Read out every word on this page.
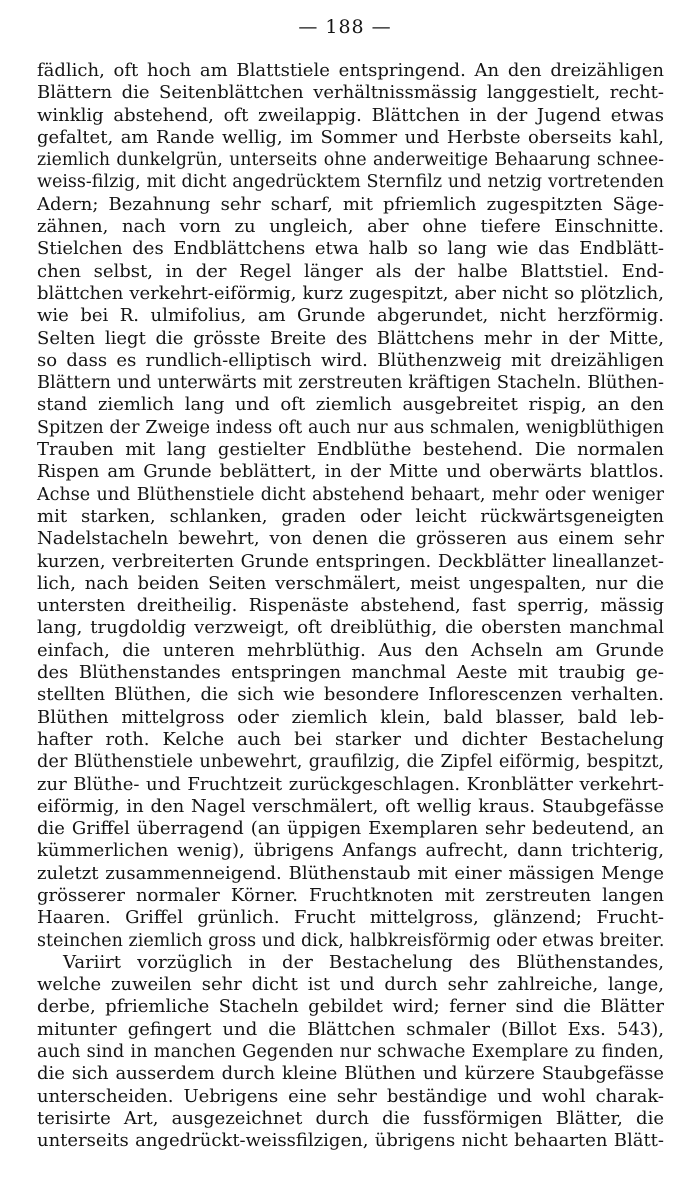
— 188 —
fädlich, oft hoch am Blattstiele entspringend. An den dreizähligen
Blättern die Seitenblättchen verhältnissmässig langgestielt, recht-
winklig abstehend, oft zweilappig. Blättchen in der Jugend etwas
gefaltet, am Rande wellig, im Sommer und Herbste oberseits kahl,
ziemlich dunkelgrün, unterseits ohne anderweitige Behaarung schnee-
weiss-filzig, mit dicht angedrücktem Sternfilz und netzig vortretenden
Adern; Bezahnung sehr scharf, mit pfriemlich zugespitzten Säge-
zähnen, nach vorn zu ungleich, aber ohne tiefere Einschnitte.
Stielchen des Endblättchens etwa halb so lang wie das Endblätt-
chen selbst, in der Regel länger als der halbe Blattstiel. End-
blättchen verkehrt-eiförmig, kurz zugespitzt, aber nicht so plötzlich,
wie bei R. ulmifolius, am Grunde abgerundet, nicht herzförmig.
Selten liegt die grösste Breite des Blättchens mehr in der Mitte,
so dass es rundlich-elliptisch wird. Blüthenzweig mit dreizähligen
Blättern und unterwärts mit zerstreuten kräftigen Stacheln. Blüthen-
stand ziemlich lang und oft ziemlich ausgebreitet rispig, an den
Spitzen der Zweige indess oft auch nur aus schmalen, wenigblüthigen
Trauben mit lang gestielter Endblüthe bestehend. Die normalen
Rispen am Grunde beblättert, in der Mitte und oberwärts blattlos.
Achse und Blüthenstiele dicht abstehend behaart, mehr oder weniger
mit starken, schlanken, graden oder leicht rückwärtsgeneigten
Nadelstacheln bewehrt, von denen die grösseren aus einem sehr
kurzen, verbreiterten Grunde entspringen. Deckblätter lineallanzet-
lich, nach beiden Seiten verschmälert, meist ungespalten, nur die
untersten dreitheilig. Rispenäste abstehend, fast sperrig, mässig
lang, trugdoldig verzweigt, oft dreiblüthig, die obersten manchmal
einfach, die unteren mehrblüthig. Aus den Achseln am Grunde
des Blüthenstandes entspringen manchmal Aeste mit traubig ge-
stellten Blüthen, die sich wie besondere Inflorescenzen verhalten.
Blüthen mittelgross oder ziemlich klein, bald blasser, bald leb-
hafter roth. Kelche auch bei starker und dichter Bestachelung
der Blüthenstiele unbewehrt, graufilzig, die Zipfel eiförmig, bespitzt,
zur Blüthe- und Fruchtzeit zurückgeschlagen. Kronblätter verkehrt-
eiförmig, in den Nagel verschmälert, oft wellig kraus. Staubgefässe
die Griffel überragend (an üppigen Exemplaren sehr bedeutend, an
kümmerlichen wenig), übrigens Anfangs aufrecht, dann trichterig,
zuletzt zusammenneigend. Blüthenstaub mit einer mässigen Menge
grösserer normaler Körner. Fruchtknoten mit zerstreuten langen
Haaren. Griffel grünlich. Frucht mittelgross, glänzend; Frucht-
steinchen ziemlich gross und dick, halbkreisförmig oder etwas breiter.
Variirt vorzüglich in der Bestachelung des Blüthenstandes,
welche zuweilen sehr dicht ist und durch sehr zahlreiche, lange,
derbe, pfriemliche Stacheln gebildet wird; ferner sind die Blätter
mitunter gefingert und die Blättchen schmaler (Billot Exs. 543),
auch sind in manchen Gegenden nur schwache Exemplare zu finden,
die sich ausserdem durch kleine Blüthen und kürzere Staubgefässe
unterscheiden. Uebrigens eine sehr beständige und wohl charak-
terisirte Art, ausgezeichnet durch die fussförmigen Blätter, die
unterseits angedrückt-weissfilzigen, übrigens nicht behaarten Blätt-
